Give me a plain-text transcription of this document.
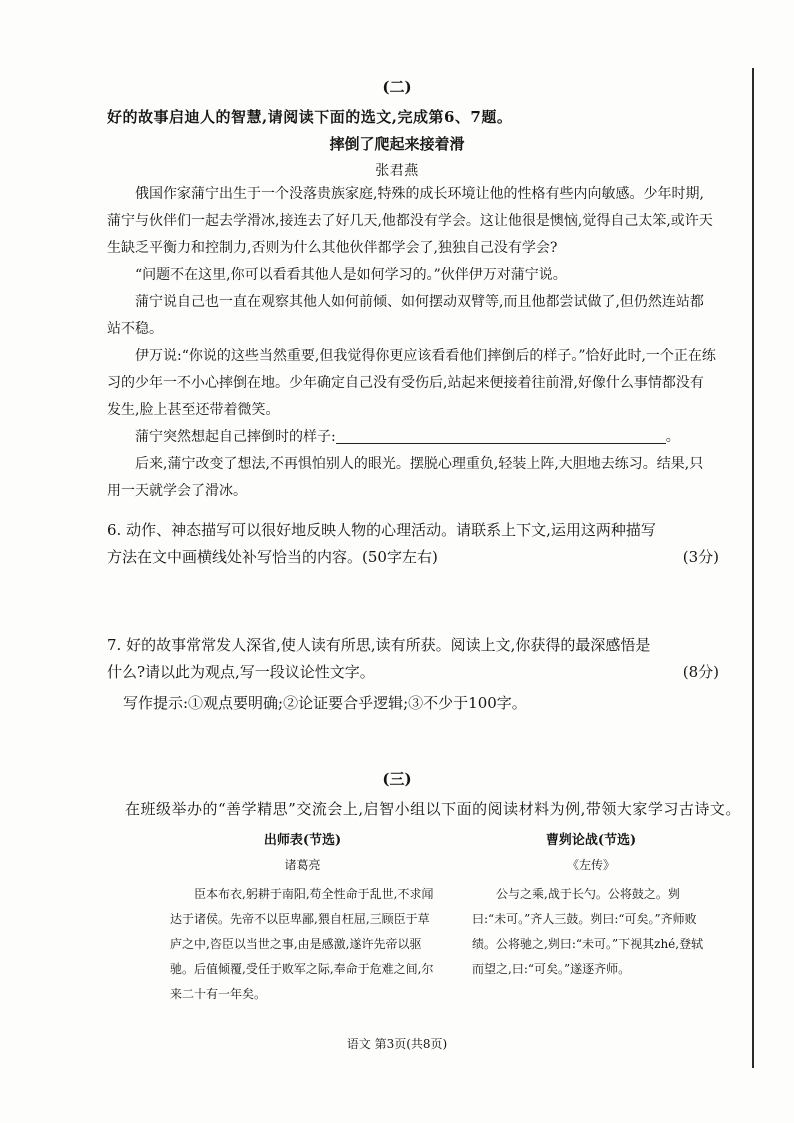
(二)
好的故事启迪人的智慧,请阅读下面的选文,完成第6、7题。
摔倒了爬起来接着滑
张君燕

俄国作家蒲宁出生于一个没落贵族家庭,特殊的成长环境让他的性格有些内向敏感。少年时期,蒲宁与伙伴们一起去学滑冰,接连去了好几天,他都没有学会。这让他很是懊恼,觉得自己太笨,或许天生缺乏平衡力和控制力,否则为什么其他伙伴都学会了,独独自己没有学会?

“问题不在这里,你可以看看其他人是如何学习的。”伙伴伊万对蒲宁说。

蒲宁说自己也一直在观察其他人如何前倾、如何摆动双臂等,而且他都尝试做了,但仍然连站都站不稳。

伊万说:“你说的这些当然重要,但我觉得你更应该看看他们摔倒后的样子。”恰好此时,一个正在练习的少年一不小心摔倒在地。少年确定自己没有受伤后,站起来便接着往前滑,好像什么事情都没有发生,脸上甚至还带着微笑。

蒲宁突然想起自己摔倒时的样子:	。

后来,蒲宁改变了想法,不再惧怕别人的眼光。摆脱心理重负,轻装上阵,大胆地去练习。结果,只用一天就学会了滑冰。

6. 动作、神态描写可以很好地反映人物的心理活动。请联系上下文,运用这两种描写方法在文中画横线处补写恰当的内容。(50字左右)	(3分)
7. 好的故事常常发人深省,使人读有所思,读有所获。阅读上文,你获得的最深感悟是什么?请以此为观点,写一段议论性文字。	(8分)
写作提示:①观点要明确;②论证要合乎逻辑;③不少于100字。
(三)
在班级举办的“善学精思”交流会上,启智小组以下面的阅读材料为例,带领大家学习古诗文。
出师表(节选)
诸葛亮

臣本布衣,躬耕于南阳,苟全性命于乱世,不求闻达于诸侯。先帝不以臣卑鄙,猥自枉屈,三顾臣于草庐之中,咨臣以当世之事,由是感激,遂许先帝以驱驰。后值倾覆,受任于败军之际,奉命于危难之间,尔来二十有一年矣。

曹刿论战(节选)
《左传》

公与之乘,战于长勺。公将鼓之。刿曰:“未可。”齐人三鼓。刿曰:“可矣。”齐师败绩。公将驰之,刿曰:“未可。”下视其zhé,登轼而望之,曰:“可矣。”遂逐齐师。

语文 第3页(共8页)
